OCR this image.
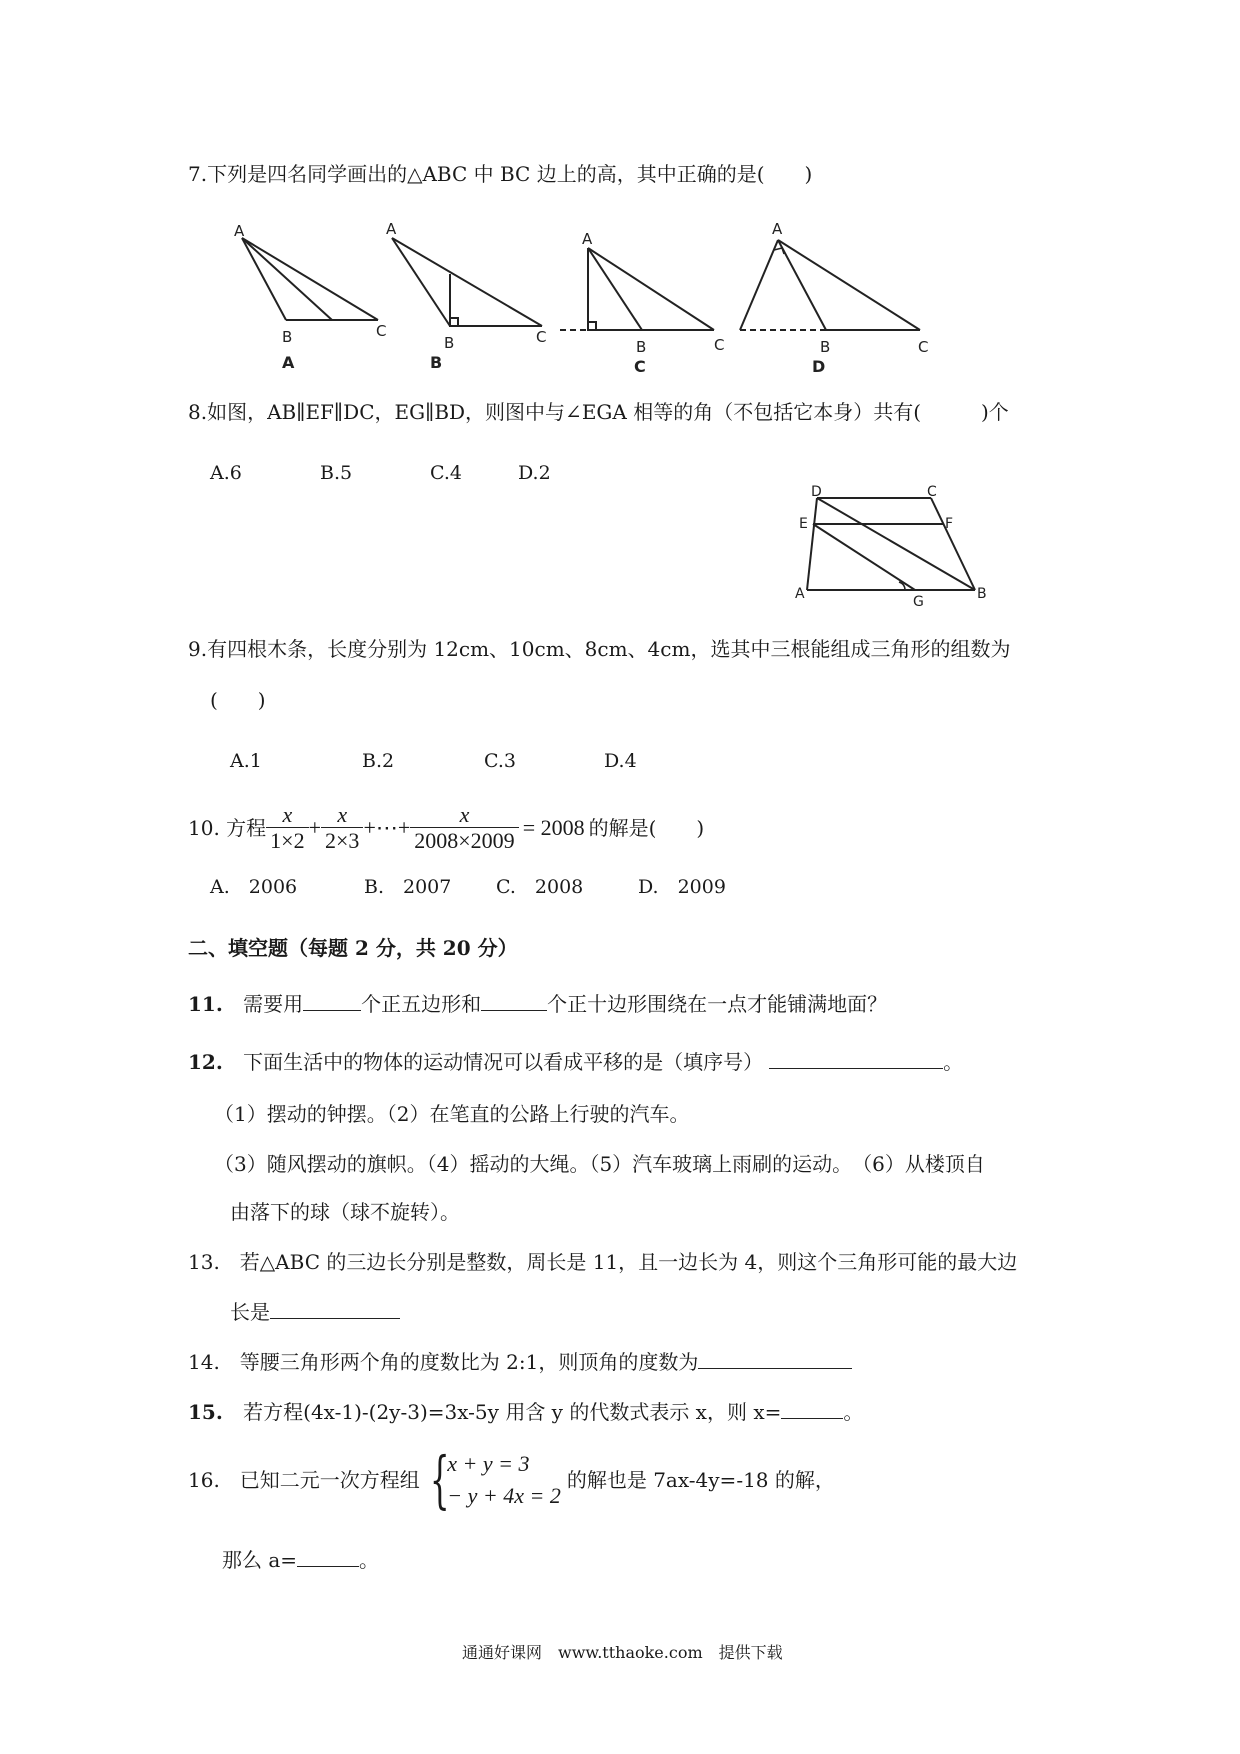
7.下列是四名同学画出的△ABC 中 BC 边上的高，其中正确的是(　　)
A
B	C
A
A
B	C
B
A
B	C
C
A
B	C
D
8.如图，AB∥EF∥DC，EG∥BD，则图中与∠EGA 相等的角（不包括它本身）共有(　　　)个
A.6	B.5	C.4	D.2
D	C
E	F
A	G	B
9.有四根木条，长度分别为 12cm、10cm、8cm、4cm，选其中三根能组成三角形的组数为
(　　)
A.1	B.2	C.3	D.4
10. 方程 $\frac{x}{1\times 2} + \frac{x}{2\times 3}$ +⋯+ $\frac{x}{2008\times 2009} = 2008$ 的解是(　　)
A.　2006	B.　2007 C.　2008	D.　2009
二、填空题（每题 2 分，共 20 分）
11. 需要用	个正五边形和	个正十边形围绕在一点才能铺满地面？
12. 下面生活中的物体的运动情况可以看成平移的是（填序号）	。
（1）摆动的钟摆。（2）在笔直的公路上行驶的汽车。
（3）随风摆动的旗帜。（4）摇动的大绳。（5）汽车玻璃上雨刷的运动。　（6）从楼顶自
由落下的球（球不旋转）。
13.　若△ABC 的三边长分别是整数，周长是 11，且一边长为 4，则这个三角形可能的最大边
长是
14.　等腰三角形两个角的度数比为 2:1，则顶角的度数为
15. 若方程(4x-1)-(2y-3)=3x-5y 用含 y 的代数式表示 x，则 x=	。
16.　已知二元一次方程组 {
x + y = 3
− y + 4x = 2
的解也是 7ax-4y=-18 的解，
那么 a=	。
通通好课网　www.tthaoke.com　提供下载
